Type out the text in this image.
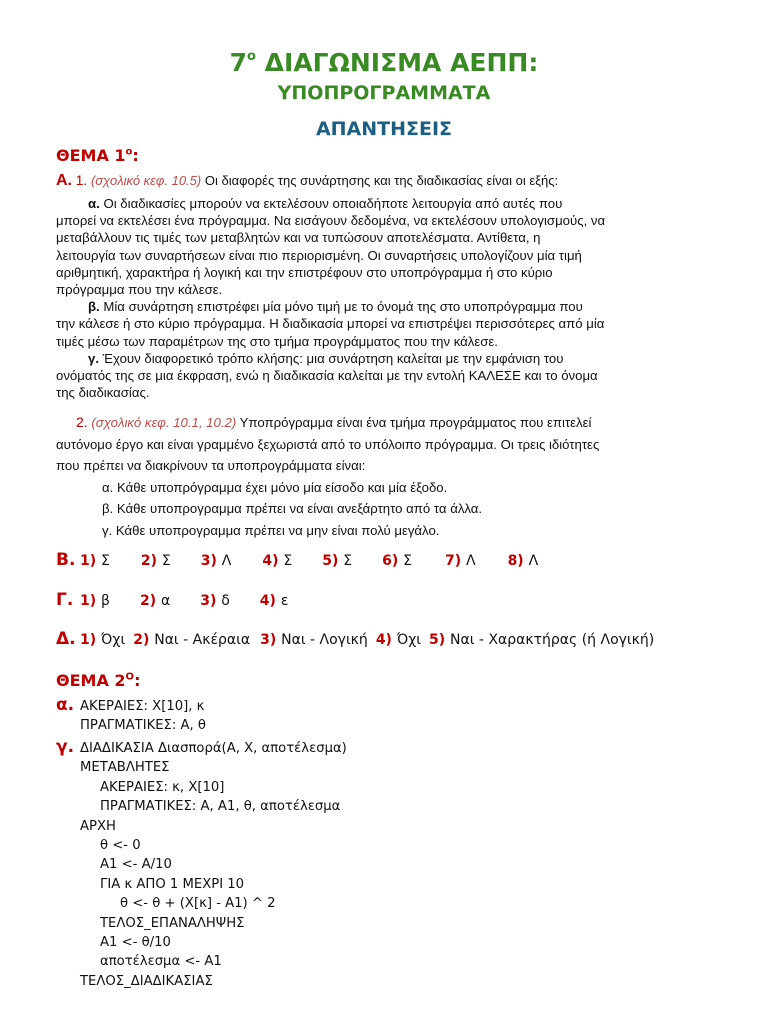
$7^o$ ΔΙΑΓΩΝΙΣΜΑ ΑΕΠΠ:
ΥΠΟΠΡΟΓΡΑΜΜΑΤΑ
ΑΠΑΝΤΗΣΕΙΣ
ΘΕΜΑ $1^o$:
Α. 1. (σχολικό κεφ. 10.5) Οι διαφορές της συνάρτησης και της διαδικασίας είναι οι εξής:
α. Οι διαδικασίες μπορούν να εκτελέσουν οποιαδήποτε λειτουργία από αυτές που
μπορεί να εκτελέσει ένα πρόγραμμα. Να εισάγουν δεδομένα, να εκτελέσουν υπολογισμούς, να
μεταβάλλουν τις τιμές των μεταβλητών και να τυπώσουν αποτελέσματα. Αντίθετα, η
λειτουργία των συναρτήσεων είναι πιο περιορισμένη. Οι συναρτήσεις υπολογίζουν μία τιμή
αριθμητική, χαρακτήρα ή λογική και την επιστρέφουν στο υποπρόγραμμα ή στο κύριο
πρόγραμμα που την κάλεσε.
β. Μία συνάρτηση επιστρέφει μία μόνο τιμή με το όνομά της στο υποπρόγραμμα που
την κάλεσε ή στο κύριο πρόγραμμα. Η διαδικασία μπορεί να επιστρέψει περισσότερες από μία
τιμές μέσω των παραμέτρων της στο τμήμα προγράμματος που την κάλεσε.
γ. Έχουν διαφορετικό τρόπο κλήσης: μια συνάρτηση καλείται με την εμφάνιση του
ονόματός της σε μια έκφραση, ενώ η διαδικασία καλείται με την εντολή ΚΑΛΕΣΕ και το όνομα
της διαδικασίας.
2. (σχολικό κεφ. 10.1, 10.2) Υποπρόγραμμα είναι ένα τμήμα προγράμματος που επιτελεί
αυτόνομο έργο και είναι γραμμένο ξεχωριστά από το υπόλοιπο πρόγραμμα. Οι τρεις ιδιότητες
που πρέπει να διακρίνουν τα υποπρογράμματα είναι:
α. Κάθε υποπρόγραμμα έχει μόνο μία είσοδο και μία έξοδο.
β. Κάθε υποπρογραμμα πρέπει να είναι ανεξάρτητο από τα άλλα.
γ. Κάθε υποπρογραμμα πρέπει να μην είναι πολύ μεγάλο.
Β. 1) Σ 2) Σ 3) Λ 4) Σ 5) Σ 6) Σ 7) Λ 8) Λ
Γ. 1) β 2) α 3) δ 4) ε
Δ. 1) Όχι 2) Ναι - Ακέραια 3) Ναι - Λογική 4) Όχι 5) Ναι - Χαρακτήρας (ή Λογική)
ΘΕΜΑ $2^O$:
α. ΑΚΕΡΑΙΕΣ: Χ[10], κ
ΠΡΑΓΜΑΤΙΚΕΣ: Α, θ
γ. ΔΙΑΔΙΚΑΣΙΑ Διασπορά(Α, Χ, αποτέλεσμα)
ΜΕΤΑΒΛΗΤΕΣ
ΑΚΕΡΑΙΕΣ: κ, Χ[10]
ΠΡΑΓΜΑΤΙΚΕΣ: Α, Α1, θ, αποτέλεσμα
ΑΡΧΗ
θ <- 0
Α1 <- Α/10
ΓΙΑ κ ΑΠΟ 1 ΜΕΧΡΙ 10
θ <- θ + (Χ[κ] - Α1) ^ 2
ΤΕΛΟΣ_ΕΠΑΝΑΛΗΨΗΣ
Α1 <- θ/10
αποτέλεσμα <- Α1
ΤΕΛΟΣ_ΔΙΑΔΙΚΑΣΙΑΣ
